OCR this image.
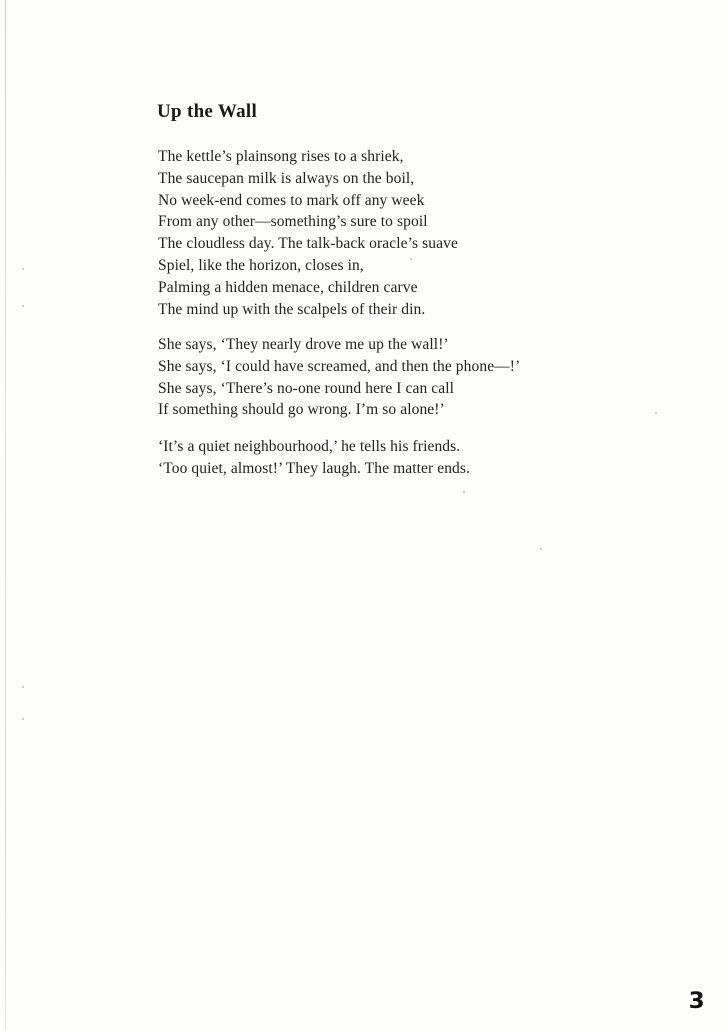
Up the Wall
The kettle’s plainsong rises to a shriek,
The saucepan milk is always on the boil,
No week-end comes to mark off any week
From any other—something’s sure to spoil
The cloudless day. The talk-back oracle’s suave
Spiel, like the horizon, closes in,
Palming a hidden menace, children carve
The mind up with the scalpels of their din.
She says, ‘They nearly drove me up the wall!’
She says, ‘I could have screamed, and then the phone—!’
She says, ‘There’s no-one round here I can call
If something should go wrong. I’m so alone!’
‘It’s a quiet neighbourhood,’ he tells his friends.
‘Too quiet, almost!’ They laugh. The matter ends.
3
